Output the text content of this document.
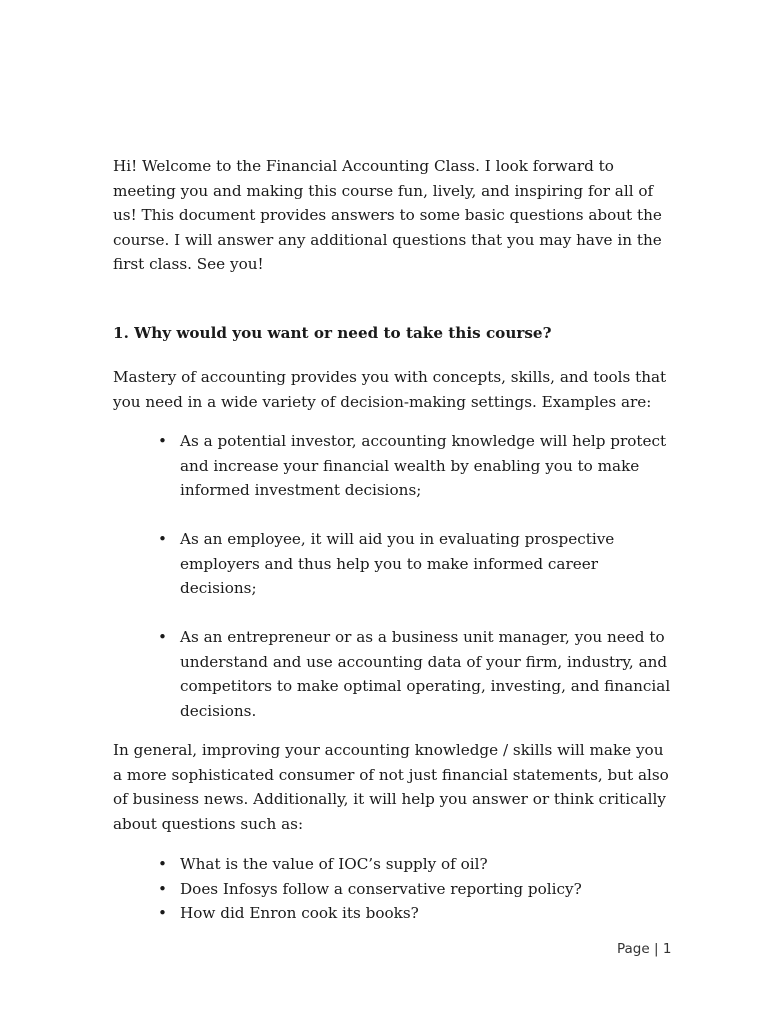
Hi! Welcome to the Financial Accounting Class. I look forward to meeting you and making this course fun, lively, and inspiring for all of us! This document provides answers to some basic questions about the course. I will answer any additional questions that you may have in the first class. See you!

1. Why would you want or need to take this course?

Mastery of accounting provides you with concepts, skills, and tools that you need in a wide variety of decision-making settings. Examples are:

• As a potential investor, accounting knowledge will help protect and increase your financial wealth by enabling you to make informed investment decisions;
• As an employee, it will aid you in evaluating prospective employers and thus help you to make informed career decisions;
• As an entrepreneur or as a business unit manager, you need to understand and use accounting data of your firm, industry, and competitors to make optimal operating, investing, and financial decisions.

In general, improving your accounting knowledge / skills will make you a more sophisticated consumer of not just financial statements, but also of business news. Additionally, it will help you answer or think critically about questions such as:

• What is the value of IOC’s supply of oil?
• Does Infosys follow a conservative reporting policy?
• How did Enron cook its books?
Page | 1
